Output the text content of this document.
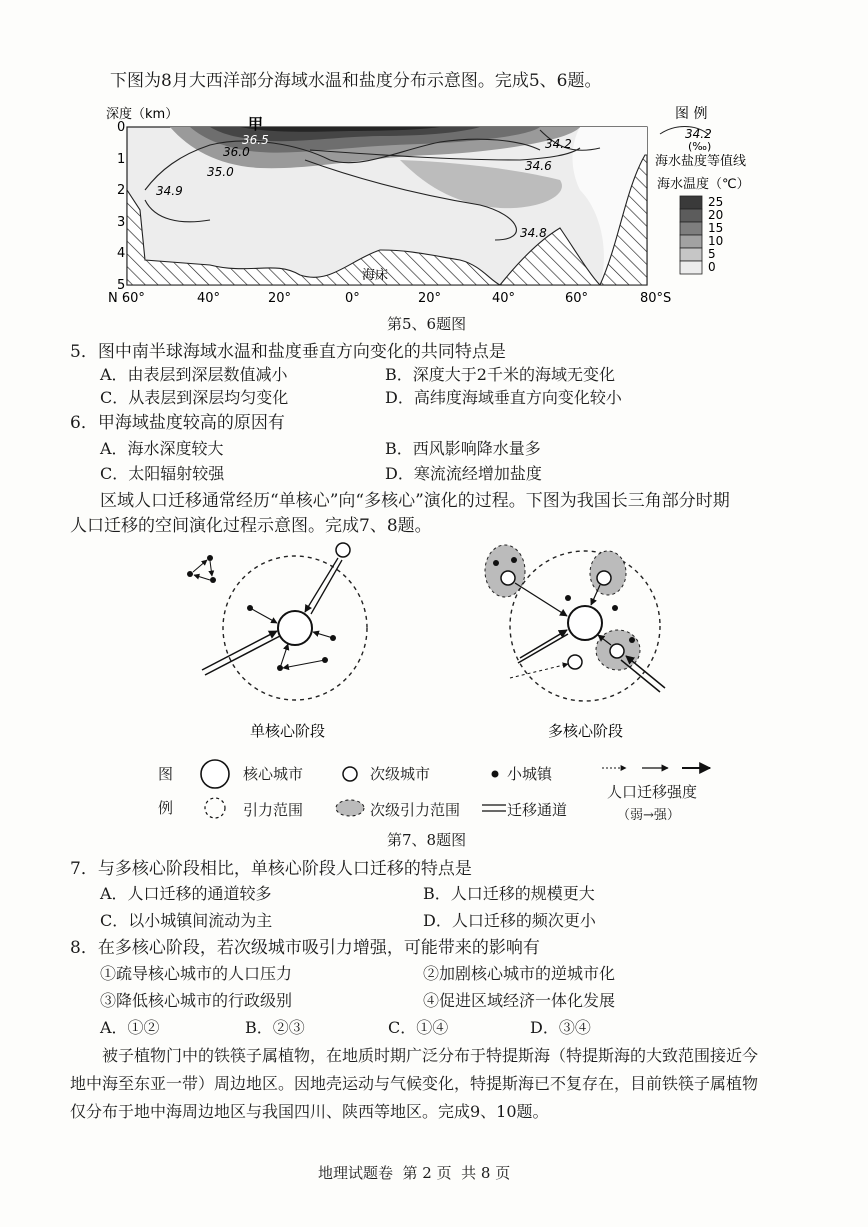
下图为8月大西洋部分海域水温和盐度分布示意图。完成5、6题。
深度（km）
0
1
2
3
4
5
N 60°	40°	20°	0°	20°	40°	60°	80°S
甲
海床
36.5
36.0
35.0
34.9
34.2
34.6
34.8
图 例
34.2
(‰)
海水盐度等值线
海水温度（℃）
25
20
15
10
5
0
第5、6题图
5．图中南半球海域水温和盐度垂直方向变化的共同特点是
A．由表层到深层数值减小	B．深度大于2千米的海域无变化
C．从表层到深层均匀变化	D．高纬度海域垂直方向变化较小
6．甲海域盐度较高的原因有
A．海水深度较大	B．西风影响降水量多
C．太阳辐射较强	D．寒流流经增加盐度
区域人口迁移通常经历“单核心”向“多核心”演化的过程。下图为我国长三角部分时期
人口迁移的空间演化过程示意图。完成7、8题。
单核心阶段	多核心阶段
图
例
核心城市
引力范围
次级城市
次级引力范围
小城镇
迁移通道
人口迁移强度
（弱→强）
第7、8题图
7．与多核心阶段相比，单核心阶段人口迁移的特点是
A．人口迁移的通道较多	B．人口迁移的规模更大
C．以小城镇间流动为主	D．人口迁移的频次更小
8．在多核心阶段，若次级城市吸引力增强，可能带来的影响有
①疏导核心城市的人口压力	②加剧核心城市的逆城市化
③降低核心城市的行政级别	④促进区域经济一体化发展
A．①②	B．②③	C．①④	D．③④
被子植物门中的铁筷子属植物，在地质时期广泛分布于特提斯海（特提斯海的大致范围接近今地中海至东亚一带）周边地区。因地壳运动与气候变化，特提斯海已不复存在，目前铁筷子属植物仅分布于地中海周边地区与我国四川、陕西等地区。完成9、10题。
地理试题卷  第 2 页  共 8 页
